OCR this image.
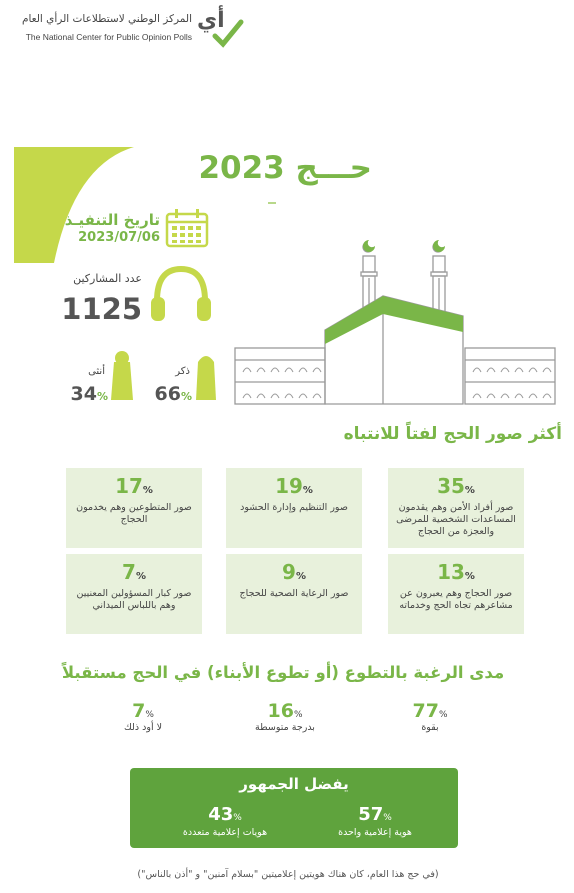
المركز الوطني لاستطلاعات الرأي العام
The National Center for Public Opinion Polls
أي
حـــج 2023
تاريخ التنفيـذ
2023/07/06
عدد المشاركين
1125
أنثى
34%
ذكر
66%
أكثر صور الحج لفتاً للانتباه
35%
صور أفراد الأمن وهم يقدمون المساعدات الشخصية للمرضى والعجزة من الحجاج
19%
صور التنظيم وإدارة الحشود
17%
صور المتطوعين وهم يخدمون الحجاج
13%
صور الحجاج وهم يعبرون عن مشاعرهم تجاه الحج وخدماته
9%
صور الرعاية الصحية للحجاج
7%
صور كبار المسؤولين المعنيين وهم باللباس الميداني
مدى الرغبة بالتطوع (أو تطوع الأبناء) في الحج مستقبلاً
77%
بقوة
16%
بدرجة متوسطة
7%
لا أود ذلك
يفضل الجمهور
57%
هوية إعلامية واحدة
43%
هويات إعلامية متعددة
(في حج هذا العام، كان هناك هويتين إعلاميتين "بسلام آمنين" و "أذن بالناس")
